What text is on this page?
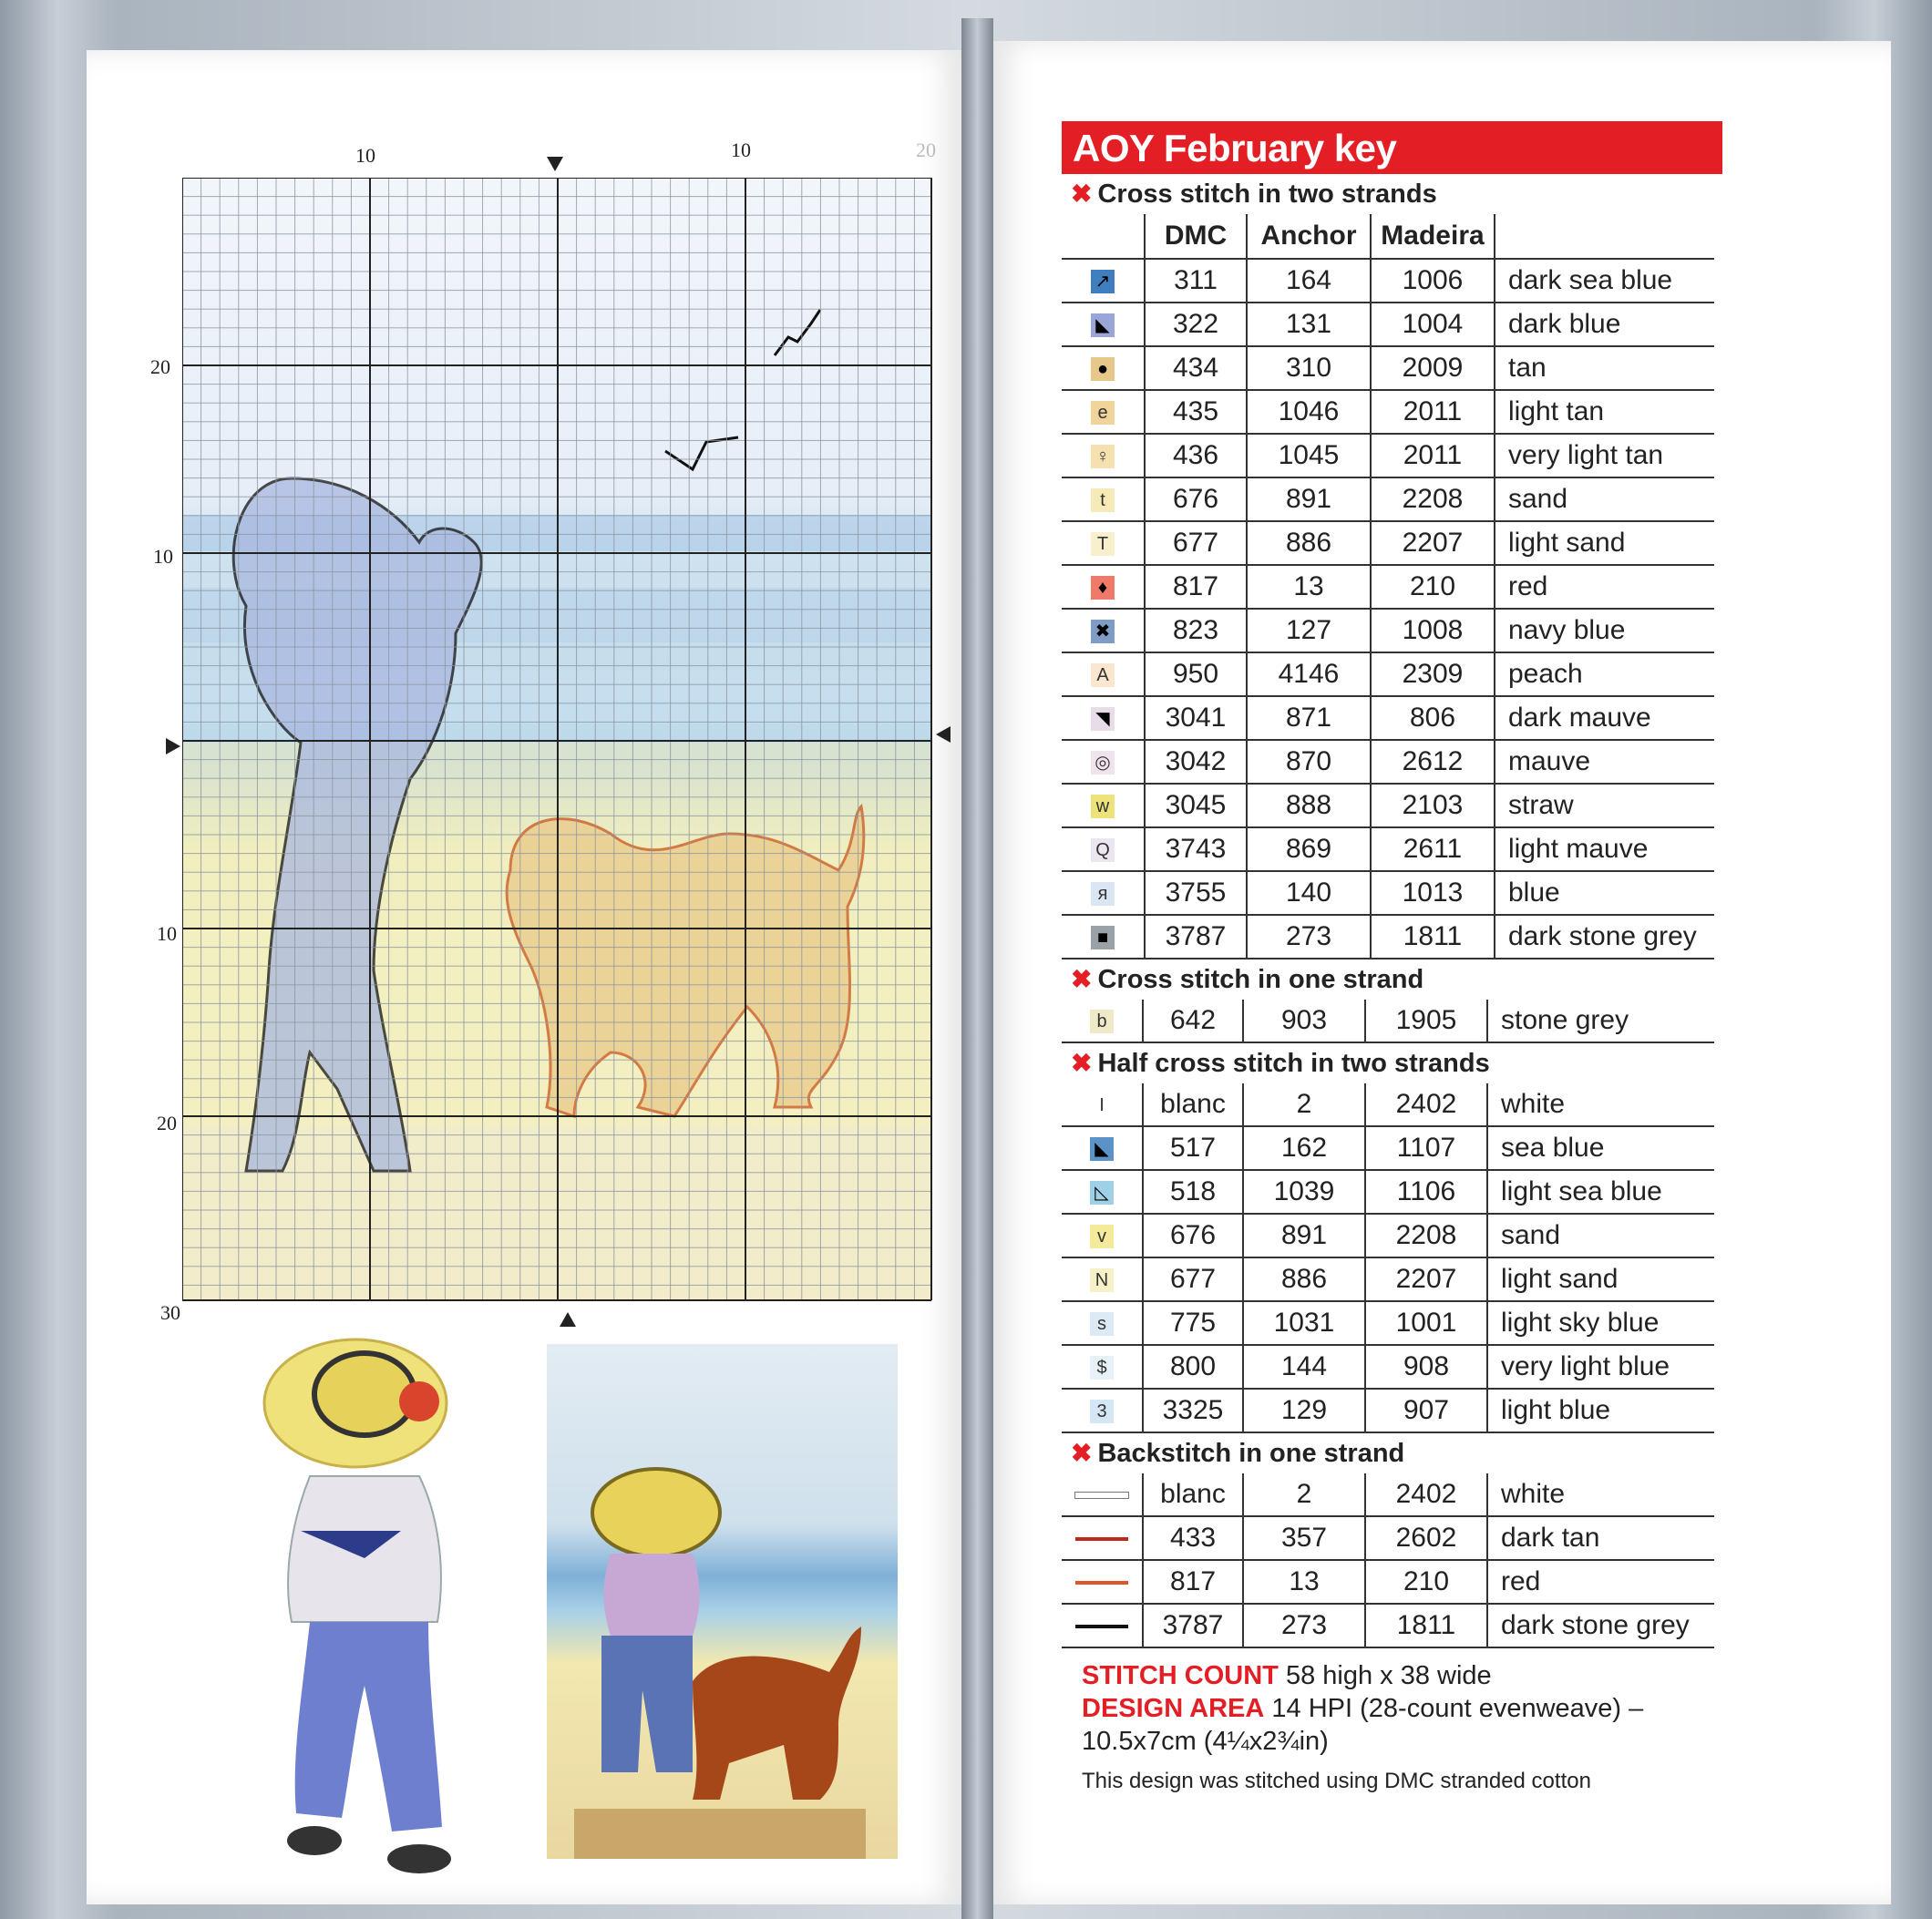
10	10	20
20
10
10
20
30
AOY February key
✖ Cross stitch in two strands
	DMC	Anchor	Madeira	
↗	311	164	1006	dark sea blue
◣	322	131	1004	dark blue
●	434	310	2009	tan
e	435	1046	2011	light tan
♀	436	1045	2011	very light tan
t	676	891	2208	sand
T	677	886	2207	light sand
♦	817	13	210	red
✖	823	127	1008	navy blue
A	950	4146	2309	peach
◥	3041	871	806	dark mauve
◎	3042	870	2612	mauve
w	3045	888	2103	straw
Q	3743	869	2611	light mauve
я	3755	140	1013	blue
■	3787	273	1811	dark stone grey
✖ Cross stitch in one strand
b	642	903	1905	stone grey
✖ Half cross stitch in two strands
I	blanc	2	2402	white
◣	517	162	1107	sea blue
◺	518	1039	1106	light sea blue
v	676	891	2208	sand
N	677	886	2207	light sand
s	775	1031	1001	light sky blue
$	800	144	908	very light blue
3	3325	129	907	light blue
✖ Backstitch in one strand
	blanc	2	2402	white
	433	357	2602	dark tan
	817	13	210	red
	3787	273	1811	dark stone grey
STITCH COUNT 58 high x 38 wide
DESIGN AREA 14 HPI (28-count evenweave) –
10.5x7cm (4¼x2¾in)
This design was stitched using DMC stranded cotton
